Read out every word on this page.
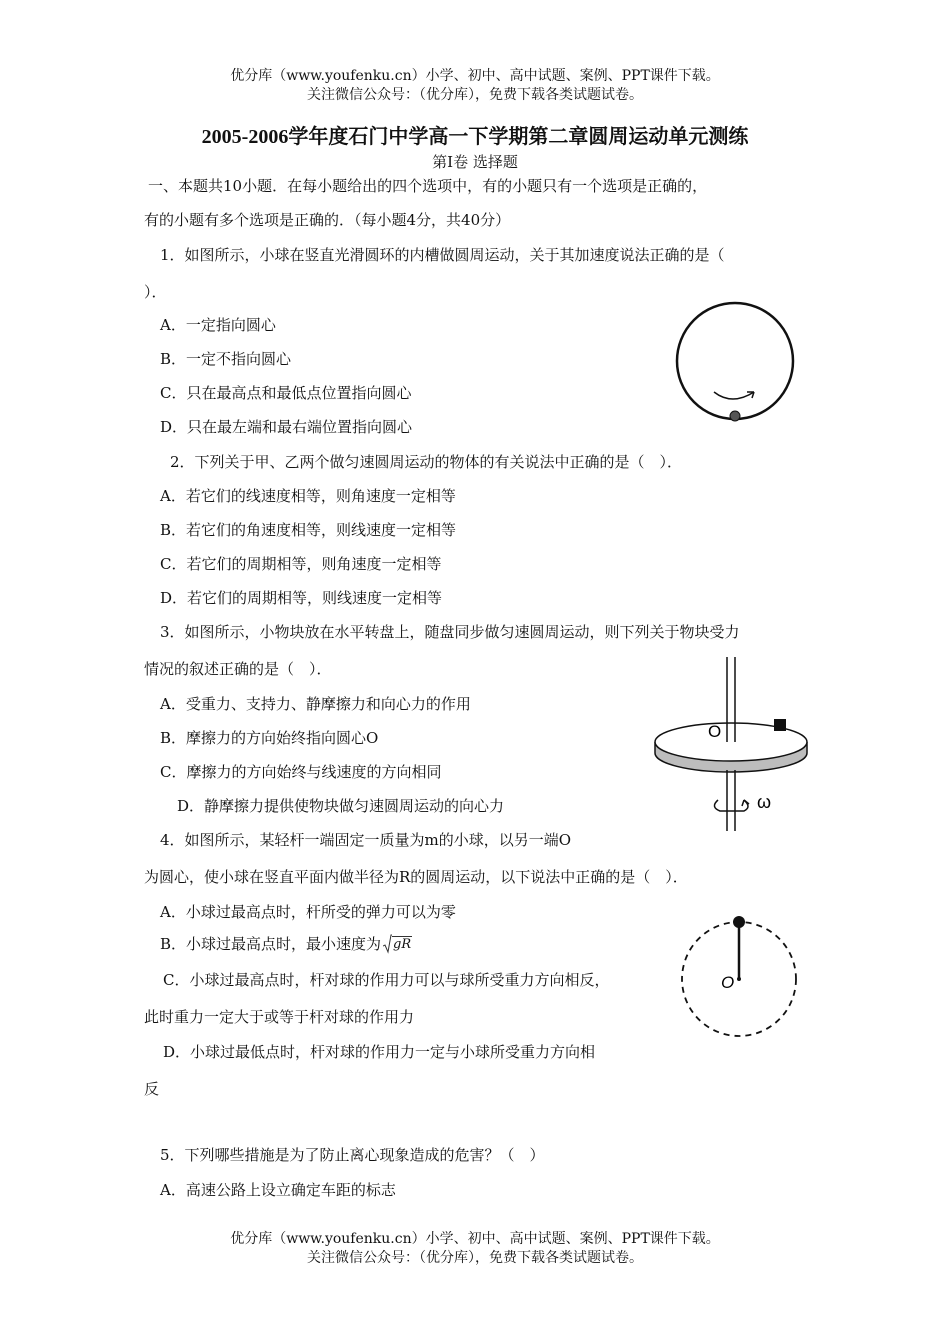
优分库（www.youfenku.cn）小学、初中、高中试题、案例、PPT课件下载。
关注微信公众号：（优分库），免费下载各类试题试卷。
2005-2006学年度石门中学高一下学期第二章圆周运动单元测练
第Ⅰ卷 选择题
一、本题共10小题．在每小题给出的四个选项中，有的小题只有一个选项是正确的，
有的小题有多个选项是正确的．（每小题4分，共40分）
1．如图所示，小球在竖直光滑圆环的内槽做圆周运动，关于其加速度说法正确的是（
）．
A．一定指向圆心
B．一定不指向圆心
C．只在最高点和最低点位置指向圆心
D．只在最左端和最右端位置指向圆心
2．下列关于甲、乙两个做匀速圆周运动的物体的有关说法中正确的是（　）．
A．若它们的线速度相等，则角速度一定相等
B．若它们的角速度相等，则线速度一定相等
C．若它们的周期相等，则角速度一定相等
D．若它们的周期相等，则线速度一定相等
3．如图所示，小物块放在水平转盘上，随盘同步做匀速圆周运动，则下列关于物块受力
情况的叙述正确的是（　）．
A．受重力、支持力、静摩擦力和向心力的作用
B．摩擦力的方向始终指向圆心O
C．摩擦力的方向始终与线速度的方向相同
D．静摩擦力提供使物块做匀速圆周运动的向心力
O
ω
4．如图所示，某轻杆一端固定一质量为m的小球，以另一端O
为圆心，使小球在竖直平面内做半径为R的圆周运动，以下说法中正确的是（　）．
A．小球过最高点时，杆所受的弹力可以为零
B．小球过最高点时，最小速度为 gR
C．小球过最高点时，杆对球的作用力可以与球所受重力方向相反，
此时重力一定大于或等于杆对球的作用力
D．小球过最低点时，杆对球的作用力一定与小球所受重力方向相
反
O
5．下列哪些措施是为了防止离心现象造成的危害？（　）
A．高速公路上设立确定车距的标志
优分库（www.youfenku.cn）小学、初中、高中试题、案例、PPT课件下载。
关注微信公众号：（优分库），免费下载各类试题试卷。
